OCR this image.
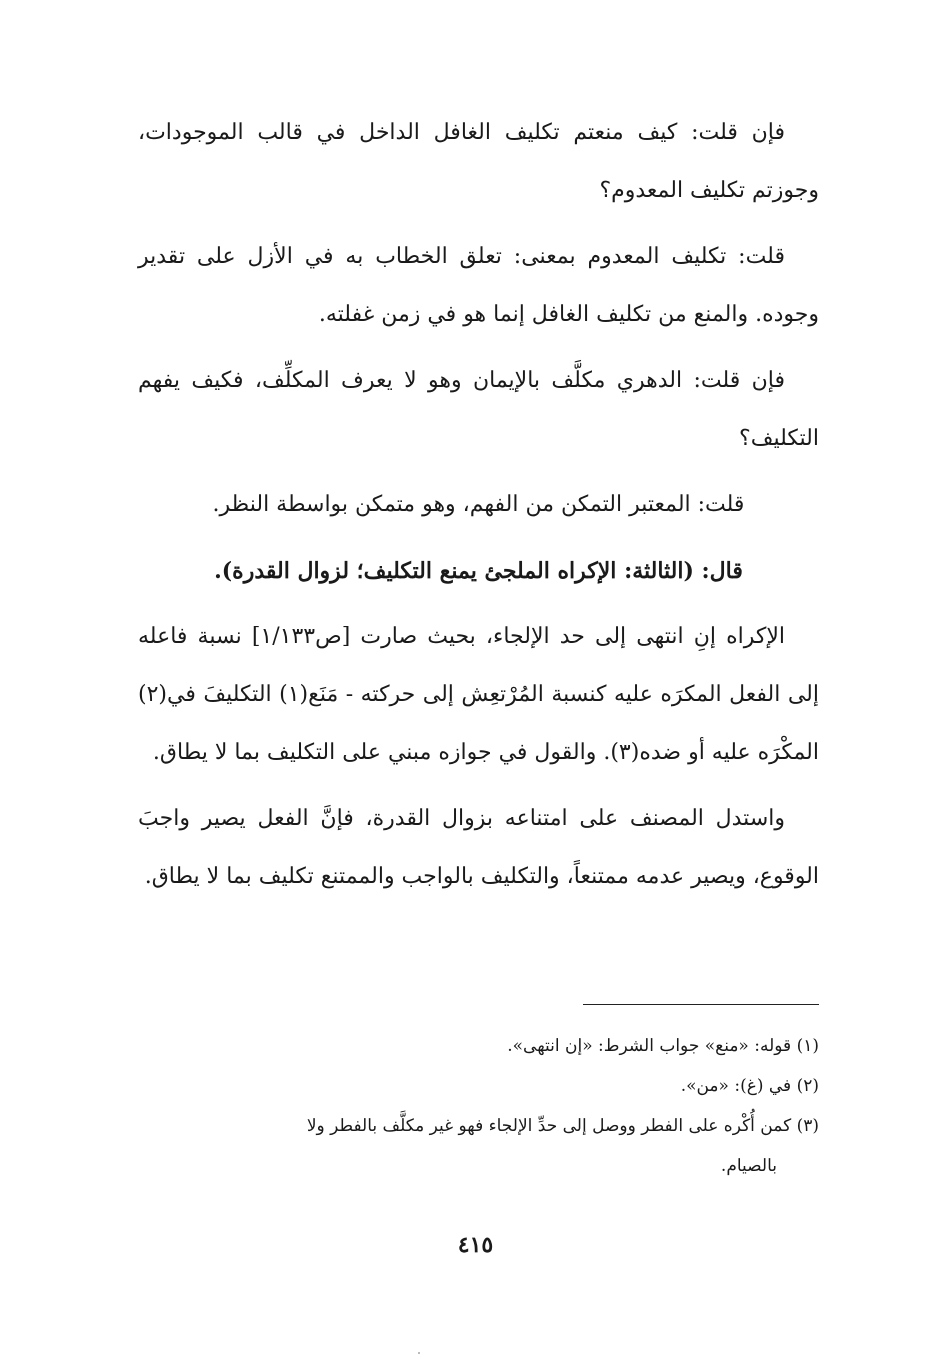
فإن قلت: كيف منعتم تكليف الغافل الداخل في قالب الموجودات، وجوزتم تكليف المعدوم؟

قلت: تكليف المعدوم بمعنى: تعلق الخطاب به في الأزل على تقدير وجوده. والمنع من تكليف الغافل إنما هو في زمن غفلته.

فإن قلت: الدهري مكلَّف بالإيمان وهو لا يعرف المكلِّف، فكيف يفهم التكليف؟

قلت: المعتبر التمكن من الفهم، وهو متمكن بواسطة النظر.

قال: (الثالثة: الإكراه الملجئ يمنع التكليف؛ لزوال القدرة).

الإكراه إنِ انتهى إلى حد الإلجاء، بحيث صارت [ص١/١٣٣] نسبة فاعله إلى الفعل المكرَه عليه كنسبة المُرْتعِش إلى حركته - مَنَع(١) التكليفَ في(٢) المكْرَه عليه أو ضده(٣). والقول في جوازه مبني على التكليف بما لا يطاق.

واستدل المصنف على امتناعه بزوال القدرة، فإنَّ الفعل يصير واجبَ الوقوع، ويصير عدمه ممتنعاً، والتكليف بالواجب والممتنع تكليف بما لا يطاق.

(١) قوله: «منع» جواب الشرط: «إن انتهى».

(٢) في (غ): «من».

(٣) كمن أُكْره على الفطر ووصل إلى حدِّ الإلجاء فهو غير مكلَّف بالفطر ولا
بالصيام.

٤١٥
